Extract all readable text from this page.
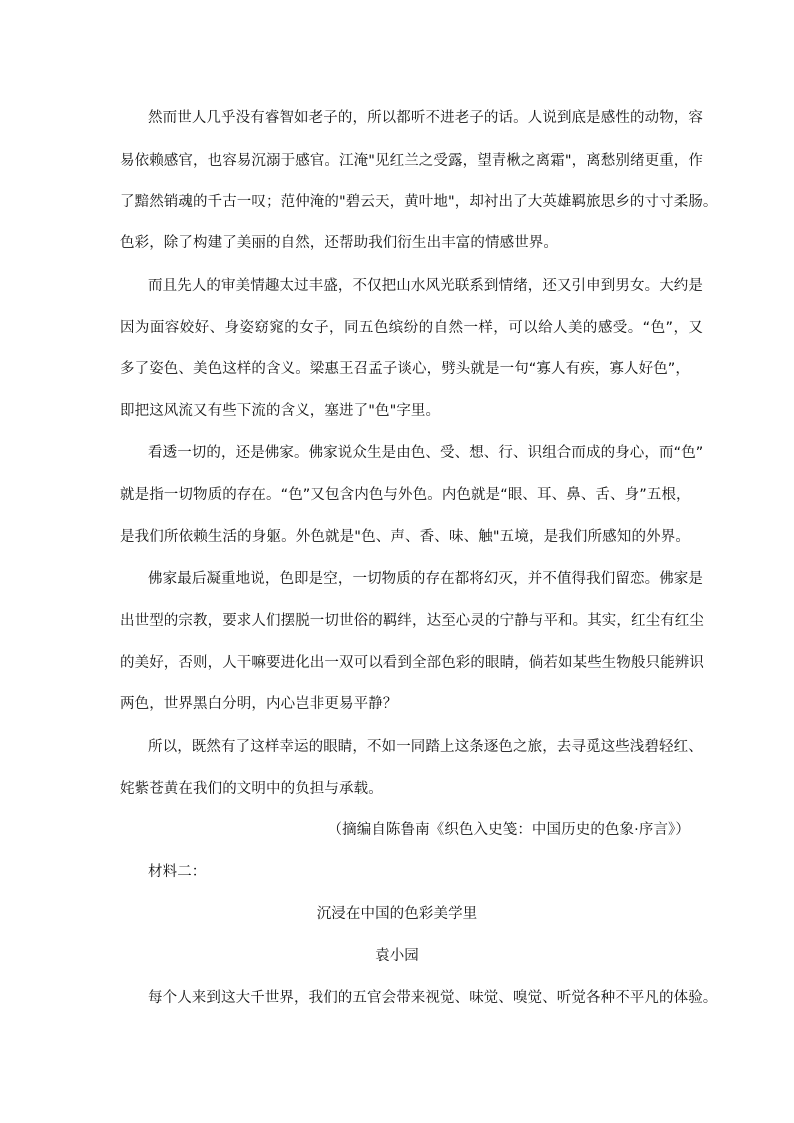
然而世人几乎没有睿智如老子的，所以都听不进老子的话。人说到底是感性的动物，容
易依赖感官，也容易沉溺于感官。江淹"见红兰之受露，望青楸之离霜"，离愁别绪更重，作
了黯然销魂的千古一叹；范仲淹的"碧云天，黄叶地"，却衬出了大英雄羁旅思乡的寸寸柔肠。
色彩，除了构建了美丽的自然，还帮助我们衍生出丰富的情感世界。
而且先人的审美情趣太过丰盛，不仅把山水风光联系到情绪，还又引申到男女。大约是
因为面容姣好、身姿窈窕的女子，同五色缤纷的自然一样，可以给人美的感受。“色”，又
多了姿色、美色这样的含义。梁惠王召孟子谈心，劈头就是一句“寡人有疾，寡人好色”，
即把这风流又有些下流的含义，塞进了"色"字里。
看透一切的，还是佛家。佛家说众生是由色、受、想、行、识组合而成的身心，而“色”
就是指一切物质的存在。“色”又包含内色与外色。内色就是“眼、耳、鼻、舌、身”五根，
是我们所依赖生活的身躯。外色就是"色、声、香、味、触"五境，是我们所感知的外界。
佛家最后凝重地说，色即是空，一切物质的存在都将幻灭，并不值得我们留恋。佛家是
出世型的宗教，要求人们摆脱一切世俗的羁绊，达至心灵的宁静与平和。其实，红尘有红尘
的美好，否则，人干嘛要进化出一双可以看到全部色彩的眼睛，倘若如某些生物般只能辨识
两色，世界黑白分明，内心岂非更易平静？
所以，既然有了这样幸运的眼睛，不如一同踏上这条逐色之旅，去寻觅这些浅碧轻红、
姹紫苍黄在我们的文明中的负担与承载。
（摘编自陈鲁南《织色入史笺：中国历史的色象·序言》）
材料二：
沉浸在中国的色彩美学里
袁小园
每个人来到这大千世界，我们的五官会带来视觉、味觉、嗅觉、听觉各种不平凡的体验。
